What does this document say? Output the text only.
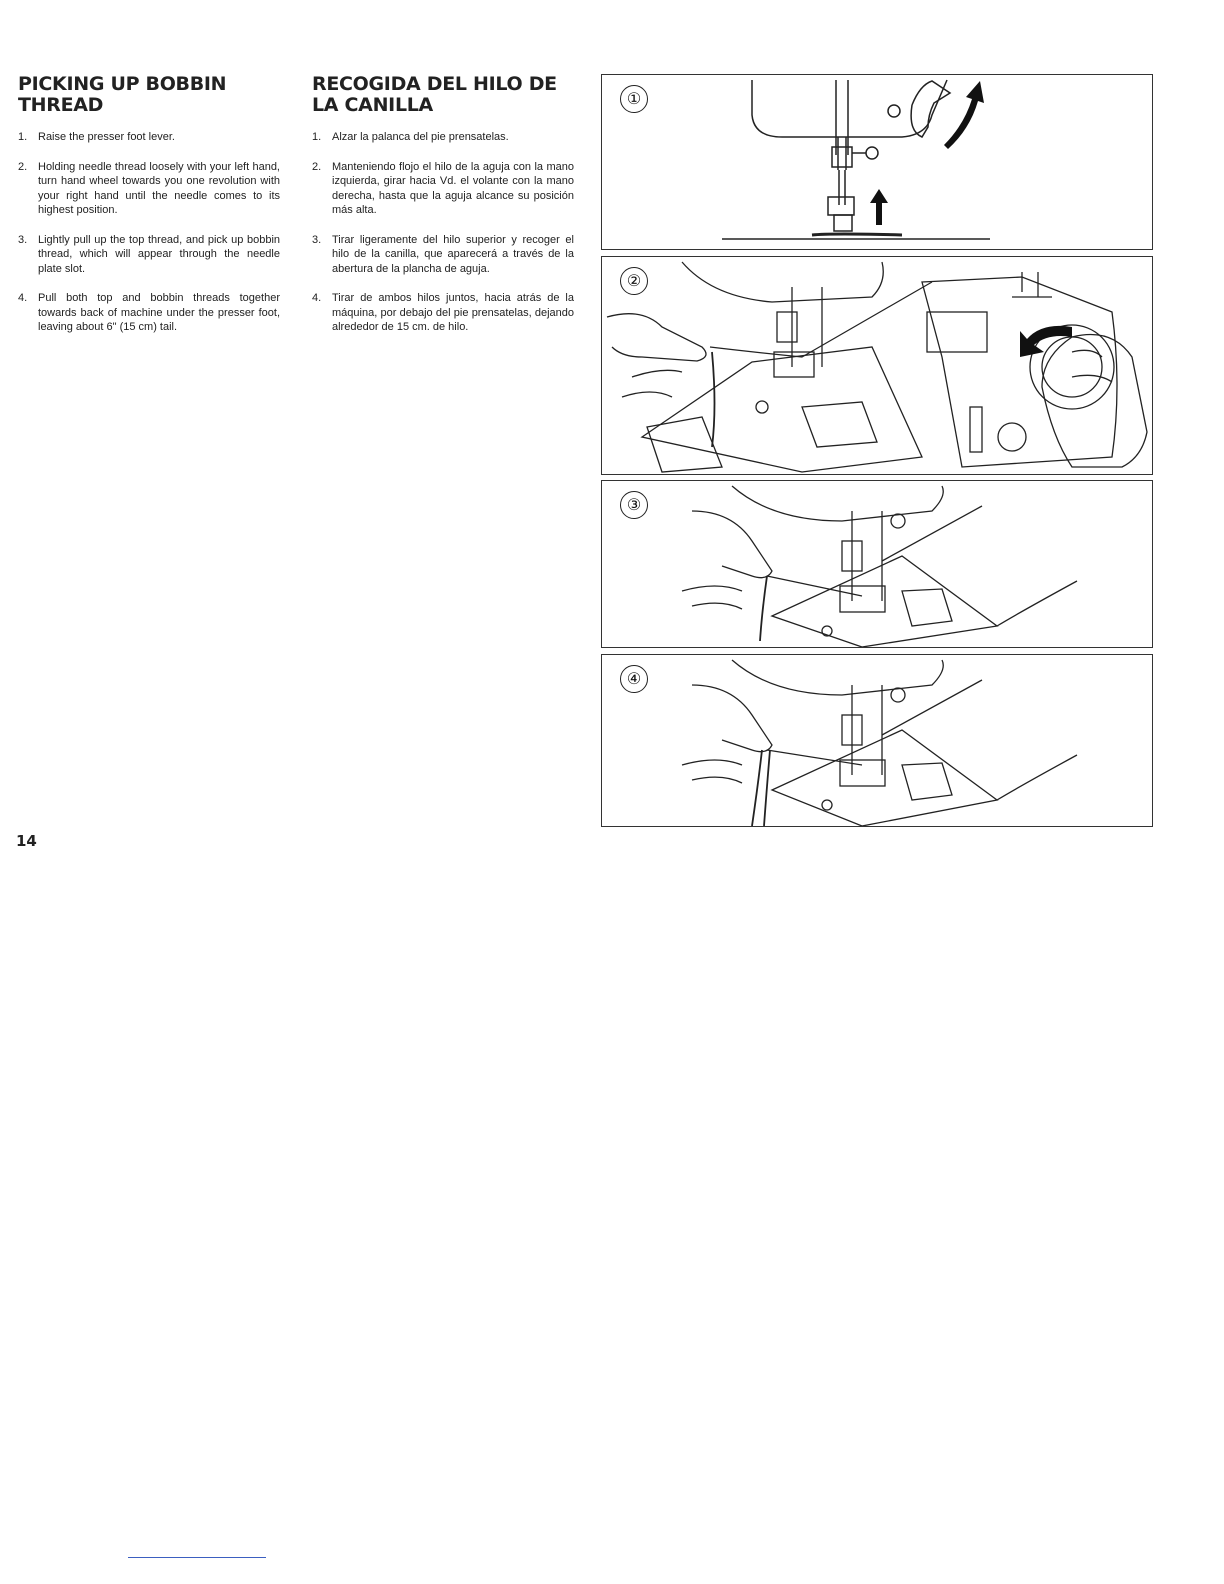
PICKING UP BOBBIN THREAD
1. Raise the presser foot lever.
2. Holding needle thread loosely with your left hand, turn hand wheel towards you one revolution with your right hand until the needle comes to its highest position.
3. Lightly pull up the top thread, and pick up bobbin thread, which will appear through the needle plate slot.
4. Pull both top and bobbin threads together towards back of machine under the presser foot, leaving about 6" (15 cm) tail.
RECOGIDA DEL HILO DE LA CANILLA
1. Alzar la palanca del pie prensatelas.
2. Manteniendo flojo el hilo de la aguja con la mano izquierda, girar hacia Vd. el volante con la mano derecha, hasta que la aguja alcance su posición más alta.
3. Tirar ligeramente del hilo superior y recoger el hilo de la canilla, que aparecerá a través de la abertura de la plancha de aguja.
4. Tirar de ambos hilos juntos, hacia atrás de la máquina, por debajo del pie prensatelas, dejando alrededor de 15 cm. de hilo.
①
②
③
④
14
